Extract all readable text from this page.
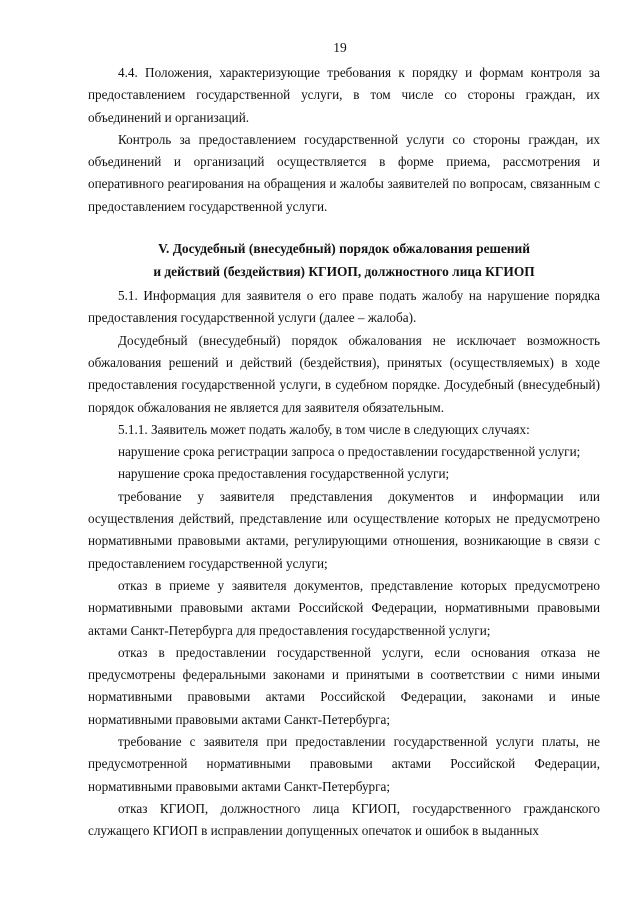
19

4.4. Положения, характеризующие требования к порядку и формам контроля за предоставлением государственной услуги, в том числе со стороны граждан, их объединений и организаций.

Контроль за предоставлением государственной услуги со стороны граждан, их объединений и организаций осуществляется в форме приема, рассмотрения и оперативного реагирования на обращения и жалобы заявителей по вопросам, связанным с предоставлением государственной услуги.

V. Досудебный (внесудебный) порядок обжалования решений
и действий (бездействия) КГИОП, должностного лица КГИОП

5.1. Информация для заявителя о его праве подать жалобу на нарушение порядка предоставления государственной услуги (далее – жалоба).

Досудебный (внесудебный) порядок обжалования не исключает возможность обжалования решений и действий (бездействия), принятых (осуществляемых) в ходе предоставления государственной услуги, в судебном порядке. Досудебный (внесудебный) порядок обжалования не является для заявителя обязательным.

5.1.1. Заявитель может подать жалобу, в том числе в следующих случаях:

нарушение срока регистрации запроса о предоставлении государственной услуги;

нарушение срока предоставления государственной услуги;

требование у заявителя представления документов и информации или осуществления действий, представление или осуществление которых не предусмотрено нормативными правовыми актами, регулирующими отношения, возникающие в связи с предоставлением государственной услуги;

отказ в приеме у заявителя документов, представление которых предусмотрено нормативными правовыми актами Российской Федерации, нормативными правовыми актами Санкт-Петербурга для предоставления государственной услуги;

отказ в предоставлении государственной услуги, если основания отказа не предусмотрены федеральными законами и принятыми в соответствии с ними иными нормативными правовыми актами Российской Федерации, законами и иные нормативными правовыми актами Санкт-Петербурга;

требование с заявителя при предоставлении государственной услуги платы, не предусмотренной нормативными правовыми актами Российской Федерации, нормативными правовыми актами Санкт-Петербурга;

отказ КГИОП, должностного лица КГИОП, государственного гражданского служащего КГИОП в исправлении допущенных опечаток и ошибок в выданных
